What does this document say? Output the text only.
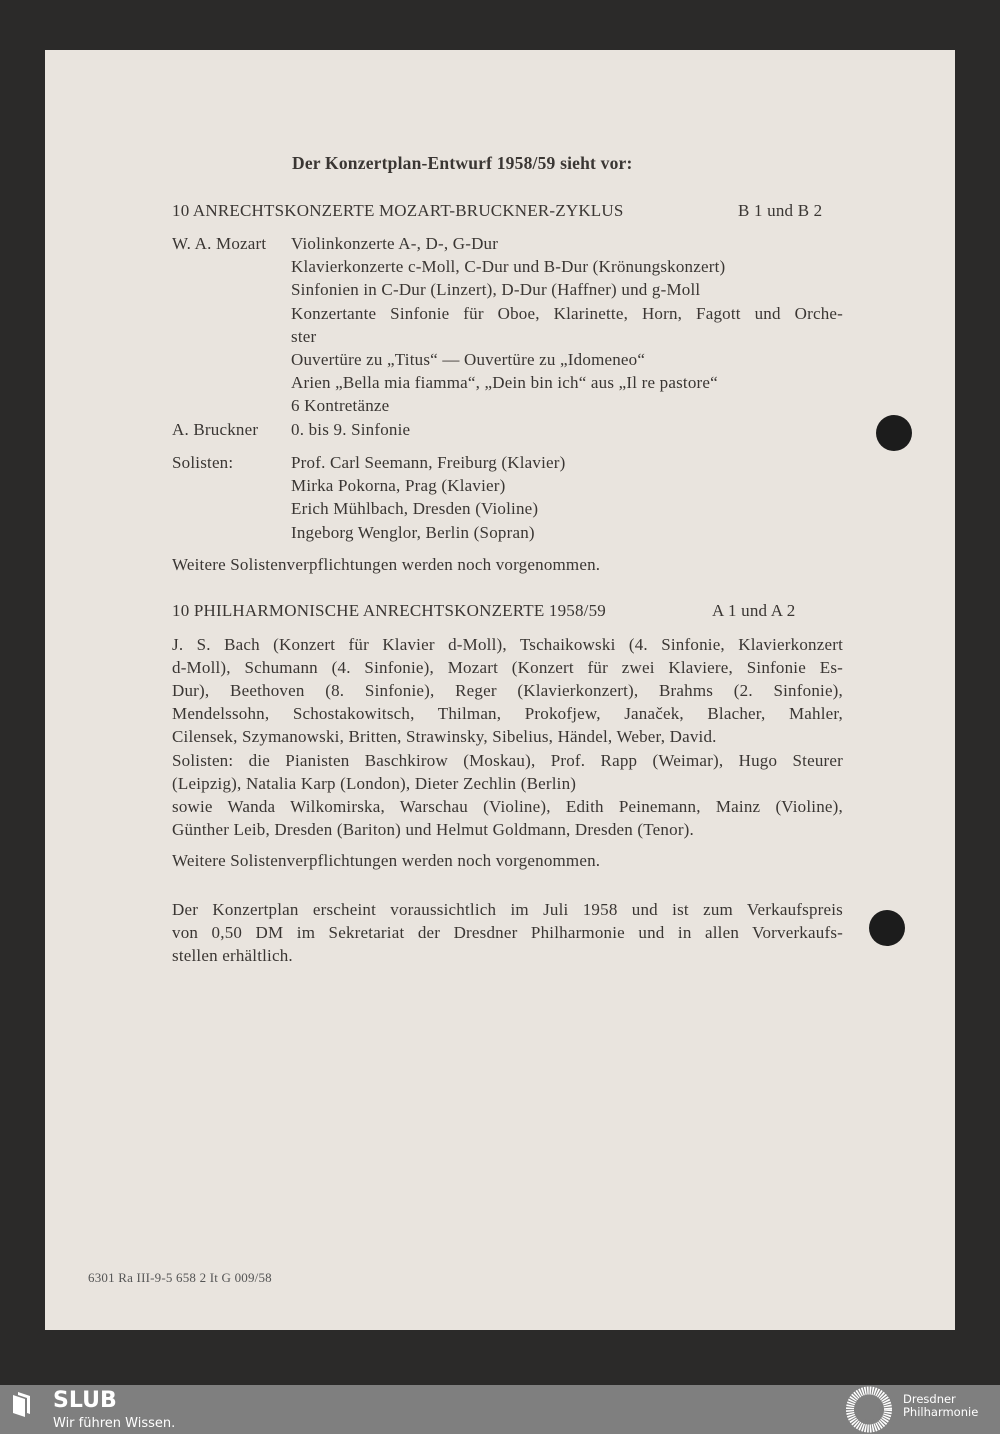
Der Konzertplan-Entwurf 1958/59 sieht vor:
10 ANRECHTSKONZERTE MOZART-BRUCKNER-ZYKLUS	B 1 und B 2
Weitere Solistenverpflichtungen werden noch vorgenommen.
10 PHILHARMONISCHE ANRECHTSKONZERTE 1958/59	A 1 und A 2
Weitere Solistenverpflichtungen werden noch vorgenommen.
6301 Ra III-9-5 658 2 It G 009/58
SLUB
Wir führen Wissen.
Dresdner
Philharmonie
W. A. Mozart Violinkonzerte A-, D-, G-Dur
Klavierkonzerte c-Moll, C-Dur und B-Dur (Krönungskonzert)
Sinfonien in C-Dur (Linzert), D-Dur (Haffner) und g-Moll
Konzertante Sinfonie für Oboe, Klarinette, Horn, Fagott und Orche-
ster
Ouvertüre zu „Titus“ — Ouvertüre zu „Idomeneo“
Arien „Bella mia fiamma“, „Dein bin ich“ aus „Il re pastore“
6 Kontretänze
A. Bruckner 0. bis 9. Sinfonie
Solisten:	Prof. Carl Seemann, Freiburg (Klavier)
Mirka Pokorna, Prag (Klavier)
Erich Mühlbach, Dresden (Violine)
Ingeborg Wenglor, Berlin (Sopran)
J. S. Bach (Konzert für Klavier d-Moll), Tschaikowski (4. Sinfonie, Klavierkonzert
d-Moll), Schumann (4. Sinfonie), Mozart (Konzert für zwei Klaviere, Sinfonie Es-
Dur), Beethoven (8. Sinfonie), Reger (Klavierkonzert), Brahms (2. Sinfonie),
Mendelssohn, Schostakowitsch, Thilman, Prokofjew, Janaček, Blacher, Mahler,
Cilensek, Szymanowski, Britten, Strawinsky, Sibelius, Händel, Weber, David.
Solisten: die Pianisten Baschkirow (Moskau), Prof. Rapp (Weimar), Hugo Steurer
(Leipzig), Natalia Karp (London), Dieter Zechlin (Berlin)
sowie Wanda Wilkomirska, Warschau (Violine), Edith Peinemann, Mainz (Violine),
Günther Leib, Dresden (Bariton) und Helmut Goldmann, Dresden (Tenor).
Der Konzertplan erscheint voraussichtlich im Juli 1958 und ist zum Verkaufspreis
von 0,50 DM im Sekretariat der Dresdner Philharmonie und in allen Vorverkaufs-
stellen erhältlich.
